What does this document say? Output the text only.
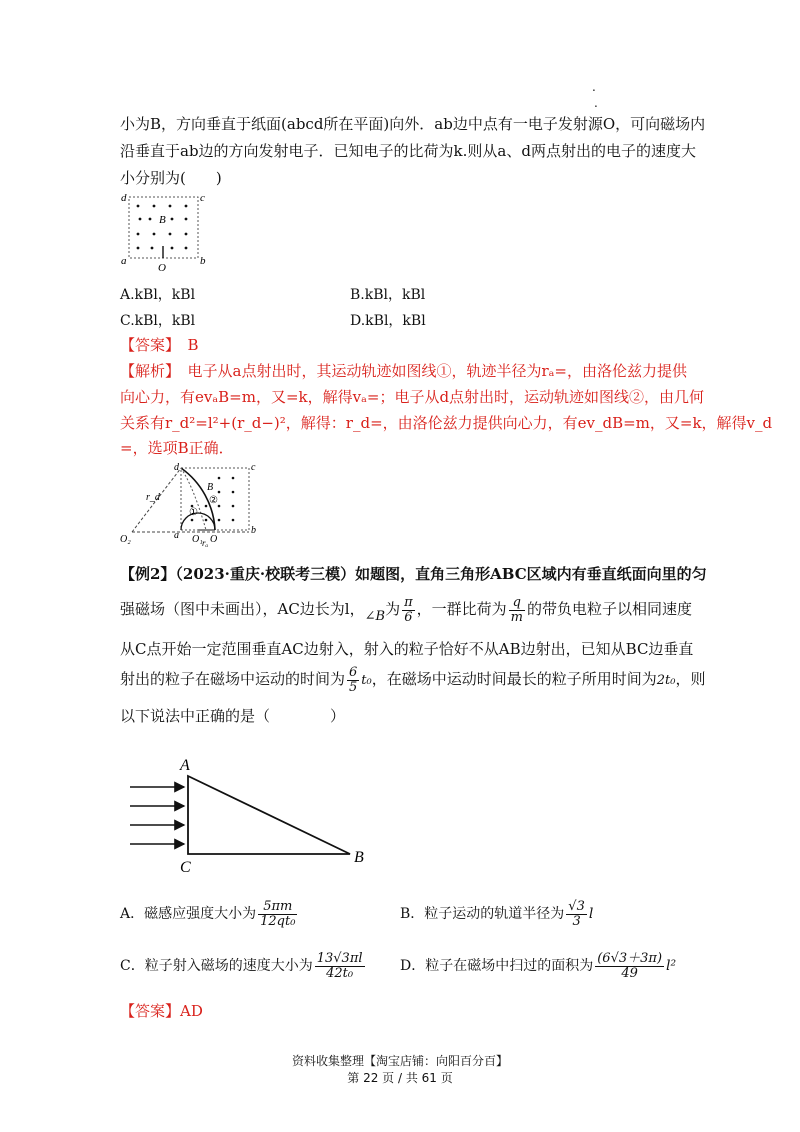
.
.
小为B，方向垂直于纸面(abcd所在平面)向外．ab边中点有一电子发射源O，可向磁场内
沿垂直于ab边的方向发射电子．已知电子的比荷为k.则从a、d两点射出的电子的速度大
小分别为(　　)
d	c
a	b
B
O
A.kBl，kBl	B.kBl，kBl
C.kBl，kBl	D.kBl，kBl
【答案】　B
【解析】　电子从a点射出时，其运动轨迹如图线①，轨迹半径为rₐ=，由洛伦兹力提供
向心力，有evₐB=m，又=k，解得vₐ=；电子从d点射出时，运动轨迹如图线②，由几何
关系有r_d²=l²+(r_d−)²，解得：r_d=，由洛伦兹力提供向心力，有ev_dB=m，又=k，解得v_d
=，选项B正确．
d	c
a	b
B
O
O₁
O₂
r_d
rₐ
①
②
【例2】（2023·重庆·校联考三模）如题图，直角三角形ABC区域内有垂直纸面向里的匀
强磁场（图中未画出），AC边长为l，∠B为 $\frac{\pi}{6}$ ，一群比荷为 $\frac{q}{m}$ 的带负电粒子以相同速度
从C点开始一定范围垂直AC边射入，射入的粒子恰好不从AB边射出，已知从BC边垂直
射出的粒子在磁场中运动的时间为 $\frac{6}{5} t_0$，在磁场中运动时间最长的粒子所用时间为2t₀，则
以下说法中正确的是（　　　　）
A
C
B
A．磁感应强度大小为 $\frac{5\pi m}{\text{12qt₀}}$	B．粒子运动的轨道半径为 $\frac{√3}{3}$ l
C．粒子射入磁场的速度大小为 $\frac{13√3\pi l}{\text{42t₀}}$	D．粒子在磁场中扫过的面积为 $\frac{(6√3+3\pi)}{49} l^2$
【答案】AD
资料收集整理【淘宝店铺：向阳百分百】
第 22 页 / 共 61 页
